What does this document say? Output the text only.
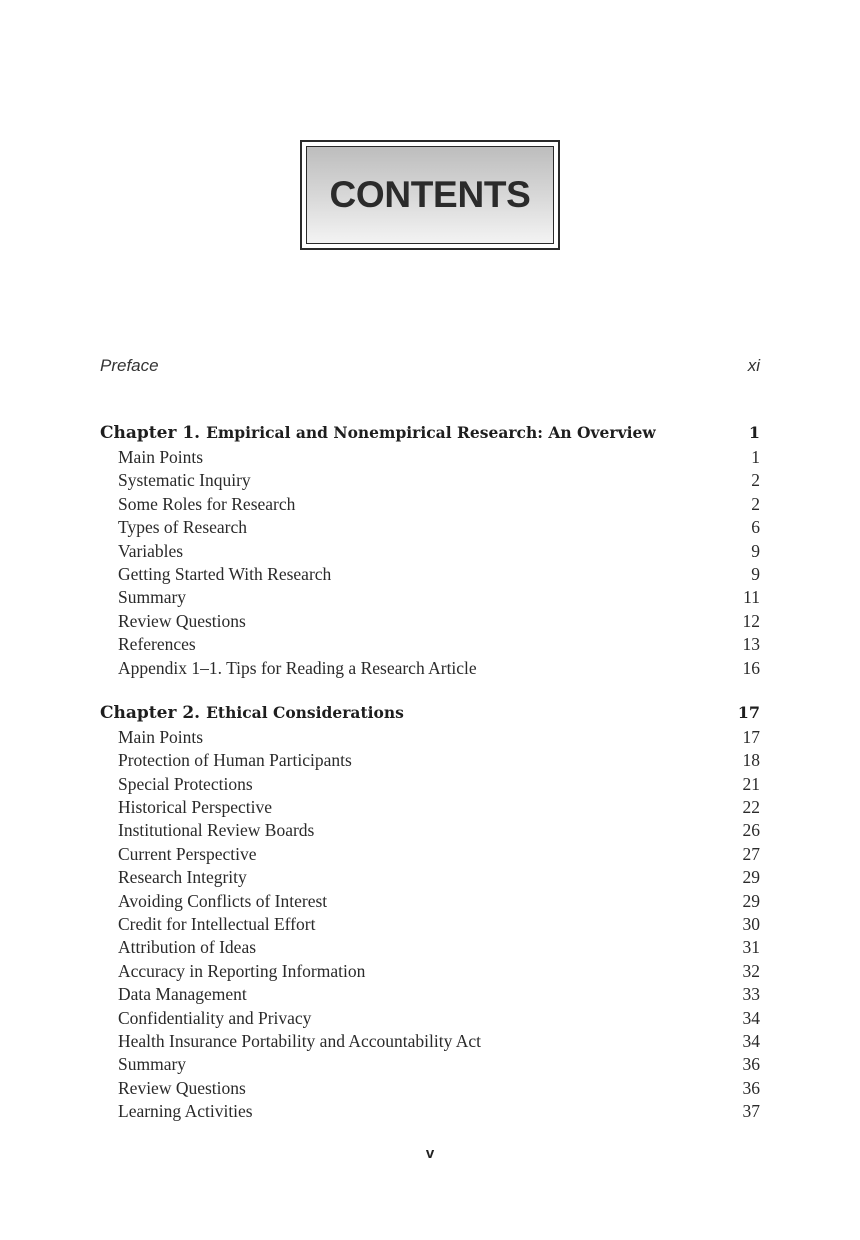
CONTENTS
Preface	xi
Chapter 1. Empirical and Nonempirical Research: An Overview	1
Main Points	1
Systematic Inquiry	2
Some Roles for Research	2
Types of Research	6
Variables	9
Getting Started With Research	9
Summary	11
Review Questions	12
References	13
Appendix 1–1. Tips for Reading a Research Article	16
Chapter 2. Ethical Considerations	17
Main Points	17
Protection of Human Participants	18
Special Protections	21
Historical Perspective	22
Institutional Review Boards	26
Current Perspective	27
Research Integrity	29
Avoiding Conflicts of Interest	29
Credit for Intellectual Effort	30
Attribution of Ideas	31
Accuracy in Reporting Information	32
Data Management	33
Confidentiality and Privacy	34
Health Insurance Portability and Accountability Act	34
Summary	36
Review Questions	36
Learning Activities	37
v
